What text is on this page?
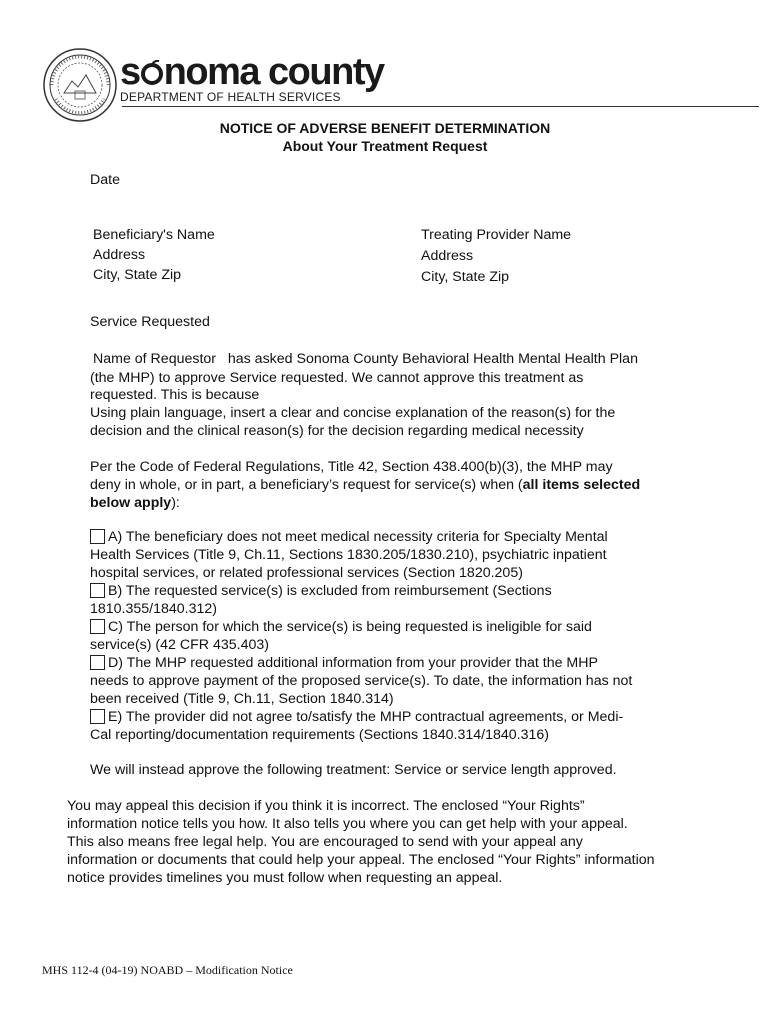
s noma county
DEPARTMENT OF HEALTH SERVICES
NOTICE OF ADVERSE BENEFIT DETERMINATION
About Your Treatment Request
Date
Beneficiary's Name
Address
City, State Zip
Treating Provider Name
Address
City, State Zip
Service Requested
Name of Requestor has asked Sonoma County Behavioral Health Mental Health Plan
(the MHP) to approve Service requested. We cannot approve this treatment as
requested. This is because
Using plain language, insert a clear and concise explanation of the reason(s) for the
decision and the clinical reason(s) for the decision regarding medical necessity
Per the Code of Federal Regulations, Title 42, Section 438.400(b)(3), the MHP may
deny in whole, or in part, a beneficiary’s request for service(s) when (all items selected
below apply):
A) The beneficiary does not meet medical necessity criteria for Specialty Mental
Health Services (Title 9, Ch.11, Sections 1830.205/1830.210), psychiatric inpatient
hospital services, or related professional services (Section 1820.205)
B) The requested service(s) is excluded from reimbursement (Sections
1810.355/1840.312)
C) The person for which the service(s) is being requested is ineligible for said
service(s) (42 CFR 435.403)
D) The MHP requested additional information from your provider that the MHP
needs to approve payment of the proposed service(s). To date, the information has not
been received (Title 9, Ch.11, Section 1840.314)
E) The provider did not agree to/satisfy the MHP contractual agreements, or Medi-
Cal reporting/documentation requirements (Sections 1840.314/1840.316)
We will instead approve the following treatment: Service or service length approved.
You may appeal this decision if you think it is incorrect. The enclosed “Your Rights”
information notice tells you how. It also tells you where you can get help with your appeal.
This also means free legal help. You are encouraged to send with your appeal any
information or documents that could help your appeal. The enclosed “Your Rights” information
notice provides timelines you must follow when requesting an appeal.
MHS 112-4 (04-19) NOABD – Modification Notice
